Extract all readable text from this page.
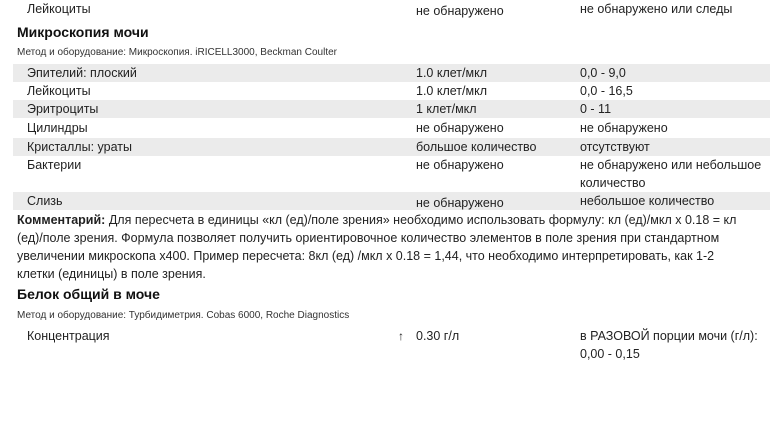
Лейкоциты	не обнаружено	не обнаружено или следы
Микроскопия мочи
Метод и оборудование: Микроскопия. iRICELL3000, Beckman Coulter
Эпителий: плоский	1.0 клет/мкл	0,0 - 9,0
Лейкоциты	1.0 клет/мкл	0,0 - 16,5
Эритроциты	1 клет/мкл	0 - 11
Цилиндры	не обнаружено	не обнаружено
Кристаллы: ураты	большое количество	отсутствуют
Бактерии	не обнаружено	не обнаружено или небольшое количество
Слизь	не обнаружено	небольшое количество
Комментарий: Для пересчета в единицы «кл (ед)/поле зрения» необходимо использовать формулу: кл (ед)/мкл х 0.18 = кл (ед)/поле зрения. Формула позволяет получить ориентировочное количество элементов в поле зрения при стандартном увеличении микроскопа х400. Пример пересчета: 8кл (ед) /мкл х 0.18 = 1,44, что необходимо интерпретировать, как 1-2 клетки (единицы) в поле зрения.
Белок общий в моче
Метод и оборудование: Турбидиметрия. Cobas 6000, Roche Diagnostics
Концентрация	↑ 0.30 г/л	в РАЗОВОЙ порции мочи (г/л): 0,00 - 0,15
